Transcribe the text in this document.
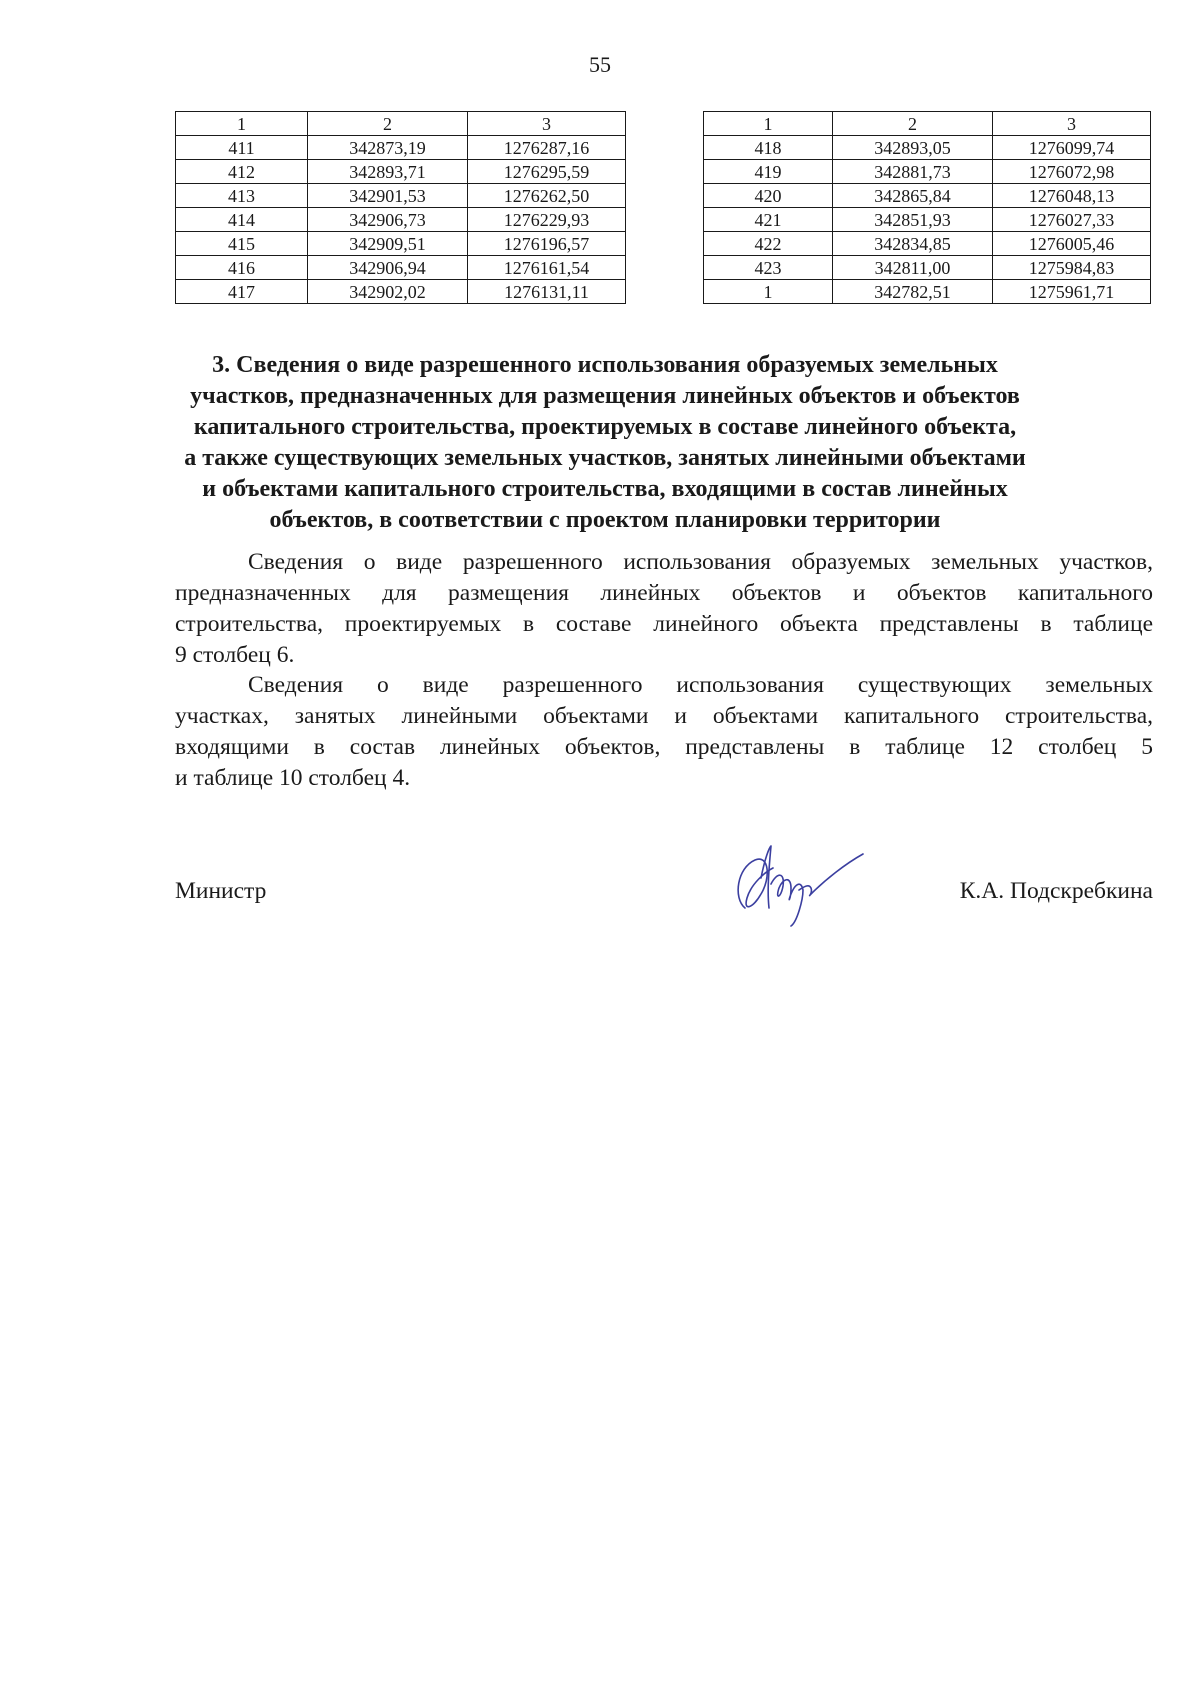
55
1	2	3
411	342873,19	1276287,16
412	342893,71	1276295,59
413	342901,53	1276262,50
414	342906,73	1276229,93
415	342909,51	1276196,57
416	342906,94	1276161,54
417	342902,02	1276131,11
1	2	3
418	342893,05	1276099,74
419	342881,73	1276072,98
420	342865,84	1276048,13
421	342851,93	1276027,33
422	342834,85	1276005,46
423	342811,00	1275984,83
1	342782,51	1275961,71
3. Сведения о виде разрешенного использования образуемых земельных
участков, предназначенных для размещения линейных объектов и объектов
капитального строительства, проектируемых в составе линейного объекта,
а также существующих земельных участков, занятых линейными объектами
и объектами капитального строительства, входящими в состав линейных
объектов, в соответствии с проектом планировки территории
Сведения о виде разрешенного использования образуемых земельных участков,
предназначенных для размещения линейных объектов и объектов капитального
строительства, проектируемых в составе линейного объекта представлены в таблице
9 столбец 6.
Сведения о виде разрешенного использования существующих земельных
участках, занятых линейными объектами и объектами капитального строительства,
входящими в состав линейных объектов, представлены в таблице 12 столбец 5
и таблице 10 столбец 4.
Министр	К.А. Подскребкина
